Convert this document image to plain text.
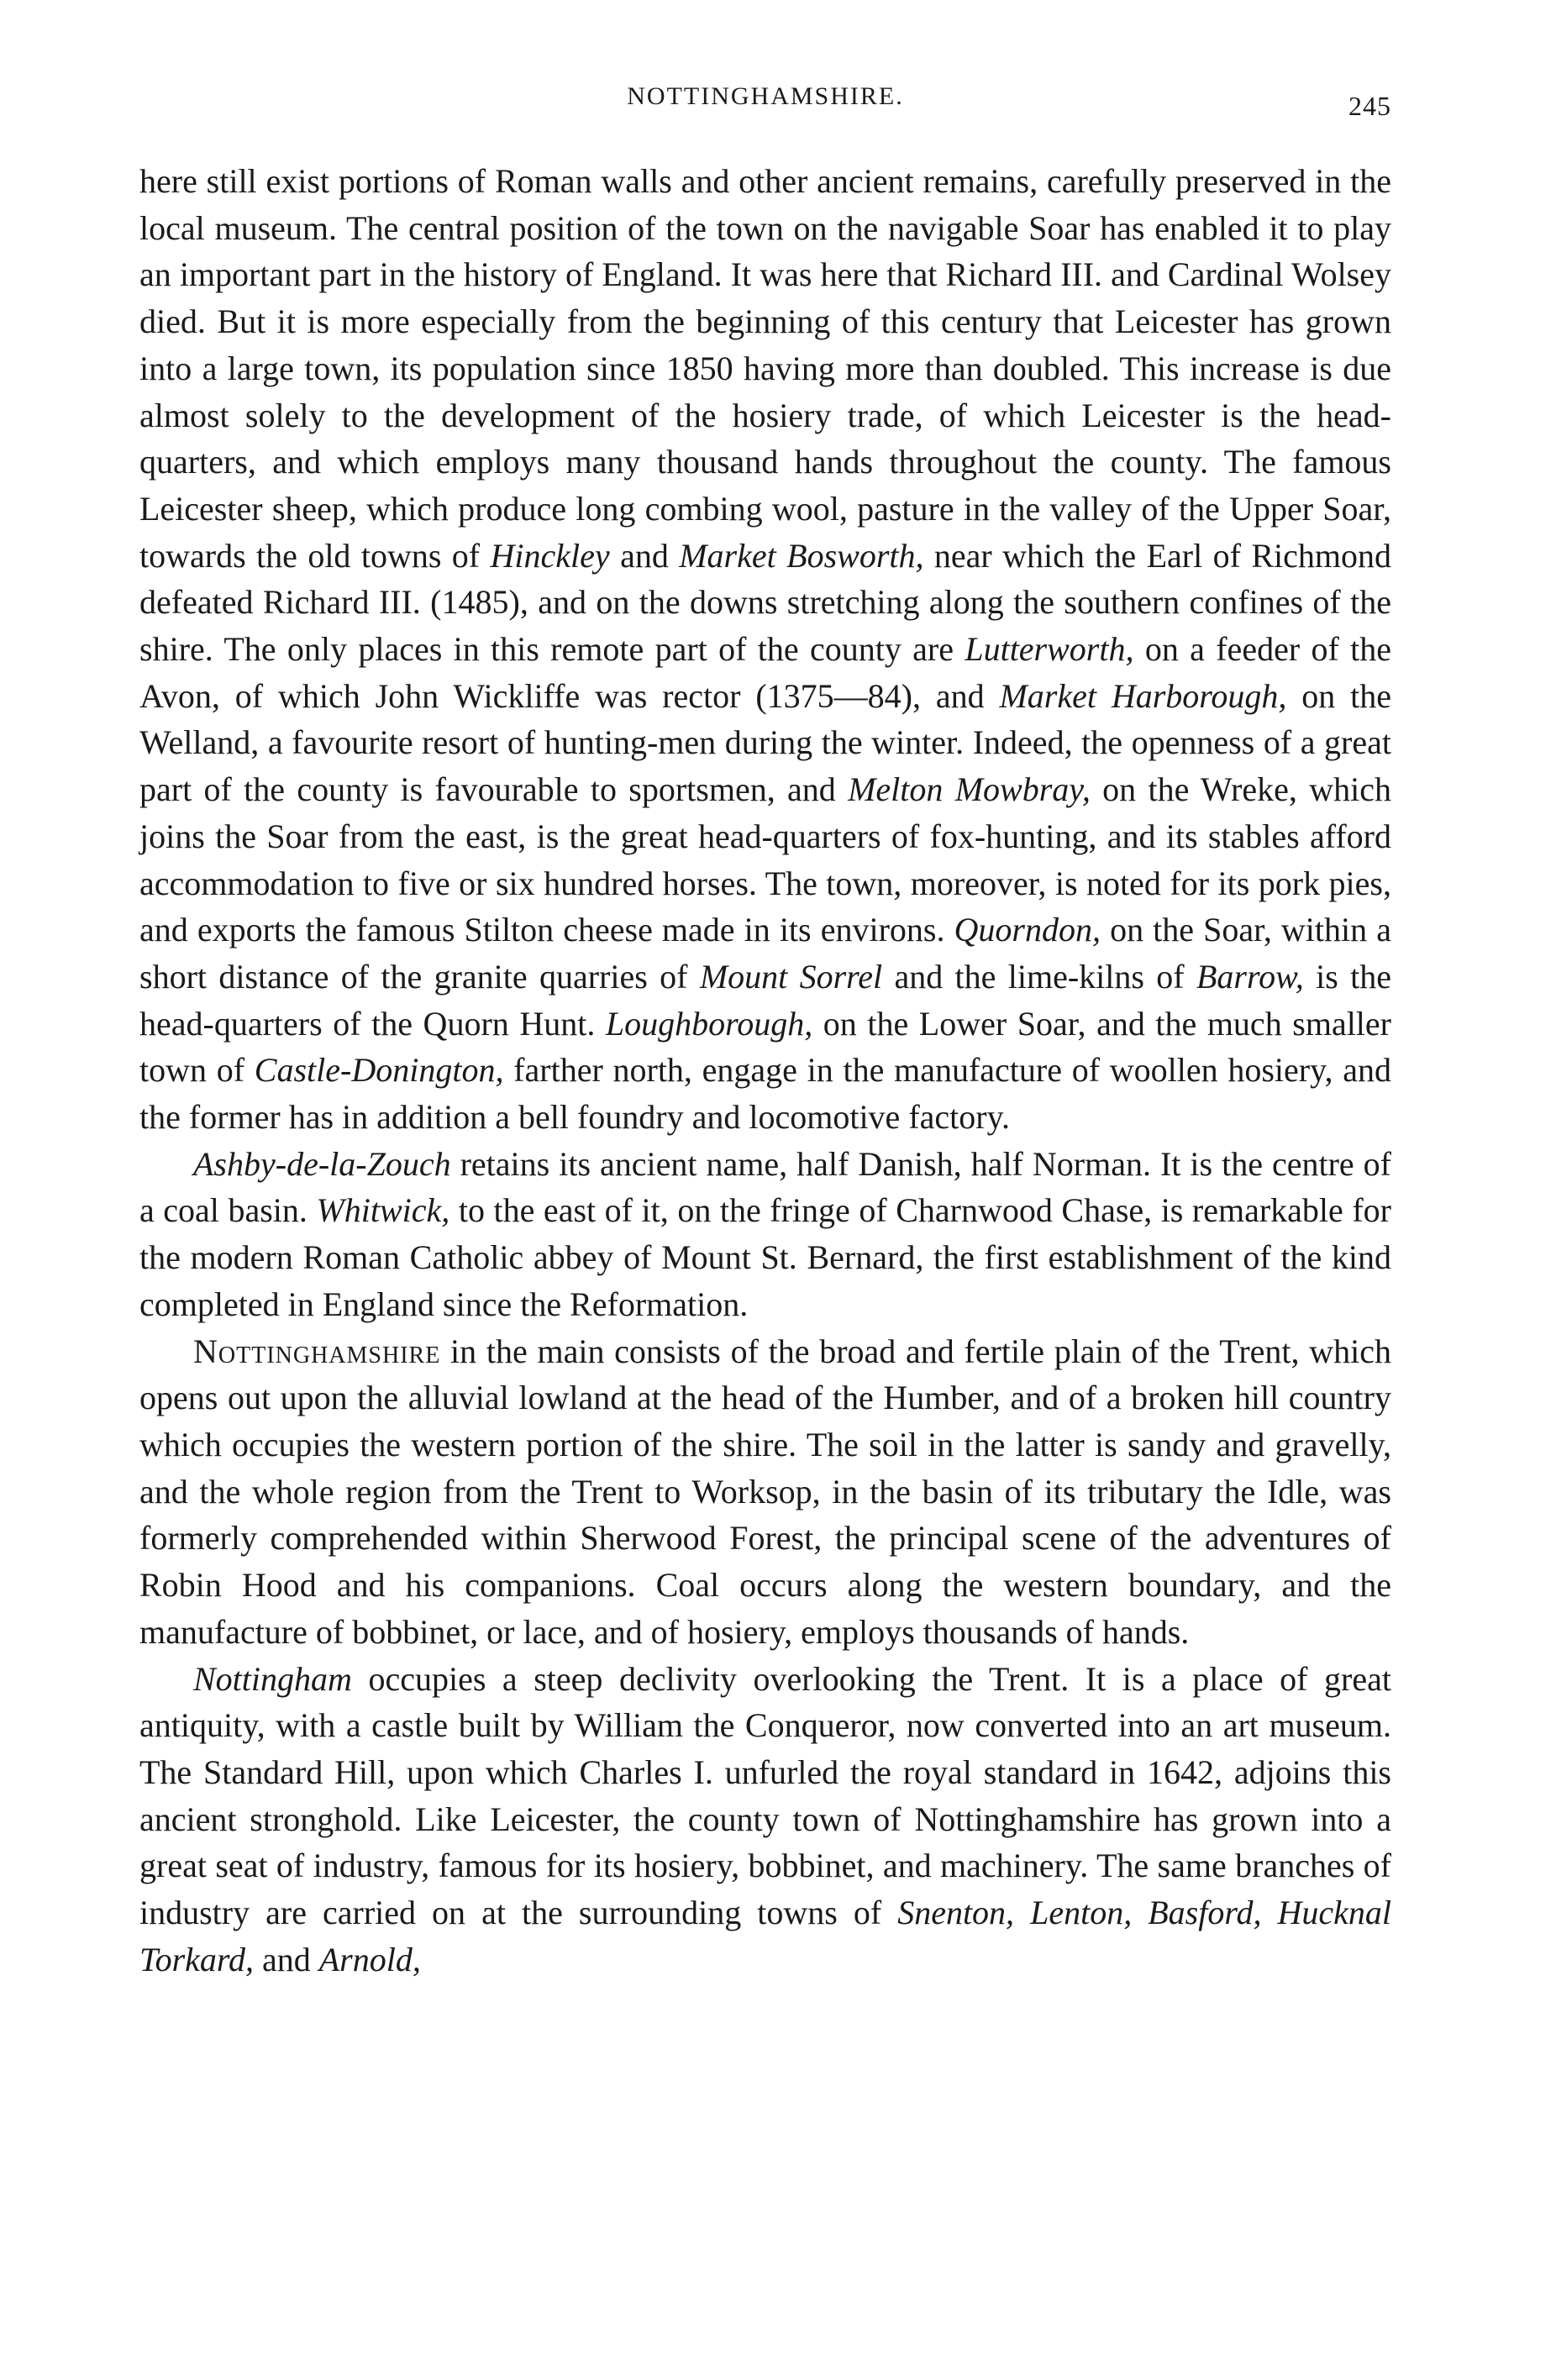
NOTTINGHAMSHIRE.	245

here still exist portions of Roman walls and other ancient remains, carefully preserved in the local museum. The central position of the town on the navigable Soar has enabled it to play an important part in the history of England. It was here that Richard III. and Cardinal Wolsey died. But it is more especially from the beginning of this century that Leicester has grown into a large town, its population since 1850 having more than doubled. This increase is due almost solely to the development of the hosiery trade, of which Leicester is the head-quarters, and which employs many thousand hands throughout the county. The famous Leicester sheep, which produce long combing wool, pasture in the valley of the Upper Soar, towards the old towns of Hinckley and Market Bosworth, near which the Earl of Richmond defeated Richard III. (1485), and on the downs stretching along the southern confines of the shire. The only places in this remote part of the county are Lutterworth, on a feeder of the Avon, of which John Wickliffe was rector (1375—84), and Market Harborough, on the Welland, a favourite resort of hunting-men during the winter. Indeed, the openness of a great part of the county is favourable to sportsmen, and Melton Mowbray, on the Wreke, which joins the Soar from the east, is the great head-quarters of fox-hunting, and its stables afford accommodation to five or six hundred horses. The town, moreover, is noted for its pork pies, and exports the famous Stilton cheese made in its environs. Quorndon, on the Soar, within a short distance of the granite quarries of Mount Sorrel and the lime-kilns of Barrow, is the head-quarters of the Quorn Hunt. Loughborough, on the Lower Soar, and the much smaller town of Castle-Donington, farther north, engage in the manufacture of woollen hosiery, and the former has in addition a bell foundry and locomotive factory.

Ashby-de-la-Zouch retains its ancient name, half Danish, half Norman. It is the centre of a coal basin. Whitwick, to the east of it, on the fringe of Charnwood Chase, is remarkable for the modern Roman Catholic abbey of Mount St. Bernard, the first establishment of the kind completed in England since the Reformation.

Nottinghamshire in the main consists of the broad and fertile plain of the Trent, which opens out upon the alluvial lowland at the head of the Humber, and of a broken hill country which occupies the western portion of the shire. The soil in the latter is sandy and gravelly, and the whole region from the Trent to Worksop, in the basin of its tributary the Idle, was formerly comprehended within Sherwood Forest, the principal scene of the adventures of Robin Hood and his companions. Coal occurs along the western boundary, and the manufacture of bobbinet, or lace, and of hosiery, employs thousands of hands.

Nottingham occupies a steep declivity overlooking the Trent. It is a place of great antiquity, with a castle built by William the Conqueror, now converted into an art museum. The Standard Hill, upon which Charles I. unfurled the royal standard in 1642, adjoins this ancient stronghold. Like Leicester, the county town of Nottinghamshire has grown into a great seat of industry, famous for its hosiery, bobbinet, and machinery. The same branches of industry are carried on at the surrounding towns of Snenton, Lenton, Basford, Hucknal Torkard, and Arnold,
